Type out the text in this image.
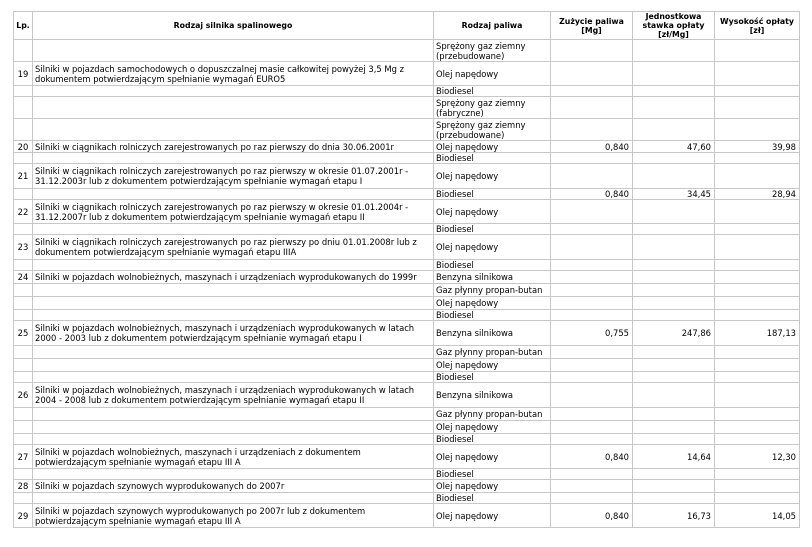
Lp.	Rodzaj silnika spalinowego	Rodzaj paliwa	Zużycie paliwa [Mg]	Jednostkowa stawka opłaty [zł/Mg]	Wysokość opłaty [zł]
		Sprężony gaz ziemny (przebudowane)			
19	Silniki w pojazdach samochodowych o dopuszczalnej masie całkowitej powyżej 3,5 Mg z dokumentem potwierdzającym spełnianie wymagań EURO5	Olej napędowy			
		Biodiesel			
		Sprężony gaz ziemny (fabryczne)			
		Sprężony gaz ziemny (przebudowane)			
20	Silniki w ciągnikach rolniczych zarejestrowanych po raz pierwszy do dnia 30.06.2001r	Olej napędowy	0,840	47,60	39,98
		Biodiesel			
21	Silniki w ciągnikach rolniczych zarejestrowanych po raz pierwszy w okresie 01.07.2001r - 31.12.2003r lub z dokumentem potwierdzającym spełnianie wymagań etapu I	Olej napędowy			
		Biodiesel	0,840	34,45	28,94
22	Silniki w ciągnikach rolniczych zarejestrowanych po raz pierwszy w okresie 01.01.2004r - 31.12.2007r lub z dokumentem potwierdzającym spełnianie wymagań etapu II	Olej napędowy			
		Biodiesel			
23	Silniki w ciągnikach rolniczych zarejestrowanych po raz pierwszy po dniu 01.01.2008r lub z dokumentem potwierdzającym spełnianie wymagań etapu IIIA	Olej napędowy			
		Biodiesel			
24	Silniki w pojazdach wolnobieżnych, maszynach i urządzeniach wyprodukowanych do 1999r	Benzyna silnikowa			
		Gaz płynny propan-butan			
		Olej napędowy			
		Biodiesel			
25	Silniki w pojazdach wolnobieżnych, maszynach i urządzeniach wyprodukowanych w latach 2000 - 2003 lub z dokumentem potwierdzającym spełnianie wymagań etapu I	Benzyna silnikowa	0,755	247,86	187,13
		Gaz płynny propan-butan			
		Olej napędowy			
		Biodiesel			
26	Silniki w pojazdach wolnobieżnych, maszynach i urządzeniach wyprodukowanych w latach 2004 - 2008 lub z dokumentem potwierdzającym spełnianie wymagań etapu II	Benzyna silnikowa			
		Gaz płynny propan-butan			
		Olej napędowy			
		Biodiesel			
27	Silniki w pojazdach wolnobieżnych, maszynach i urządzeniach z dokumentem potwierdzającym spełnianie wymagań etapu III A	Olej napędowy	0,840	14,64	12,30
		Biodiesel			
28	Silniki w pojazdach szynowych wyprodukowanych do 2007r	Olej napędowy			
		Biodiesel			
29	Silniki w pojazdach szynowych wyprodukowanych po 2007r lub z dokumentem potwierdzającym spełnianie wymagań etapu III A	Olej napędowy	0,840	16,73	14,05
